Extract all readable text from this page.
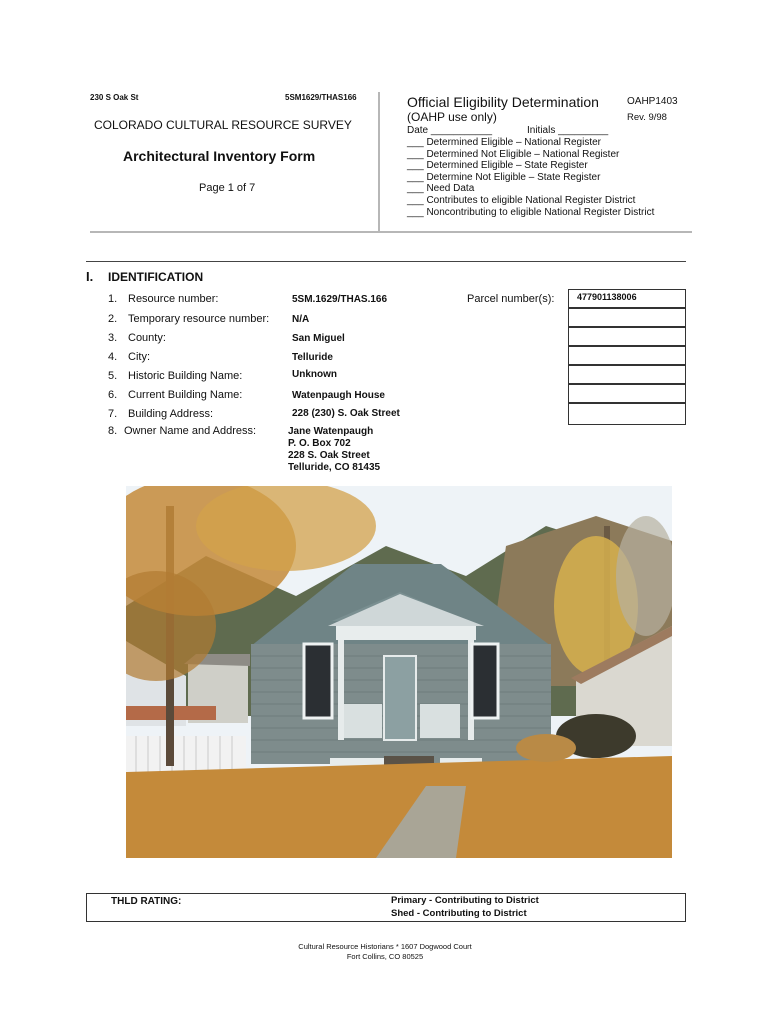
230 S Oak St	5SM1629/THAS166
COLORADO CULTURAL RESOURCE SURVEY
Architectural Inventory Form
Page 1 of 7
Official Eligibility Determination	OAHP1403
(OAHP use only)	Rev. 9/98
Date ___________	Initials _________
___ Determined Eligible – National Register
___ Determined Not Eligible – National Register
___ Determined Eligible – State Register
___ Determine Not Eligible – State Register
___ Need Data
___ Contributes to eligible National Register District
___ Noncontributing to eligible National Register District
I. IDENTIFICATION
1. Resource number:	5SM.1629/THAS.166
2. Temporary resource number: N/A
3. County:	San Miguel
4. City:	Telluride
5. Historic Building Name:	Unknown
6. Current Building Name:	Watenpaugh House
7. Building Address:	228 (230) S. Oak Street
8. Owner Name and Address:	Jane Watenpaugh
P. O. Box 702
228 S. Oak Street
Telluride, CO 81435
Parcel number(s):	477901138006
THLD RATING:	Primary - Contributing to District
Shed - Contributing to District
Cultural Resource Historians * 1607 Dogwood Court
Fort Collins, CO 80525
